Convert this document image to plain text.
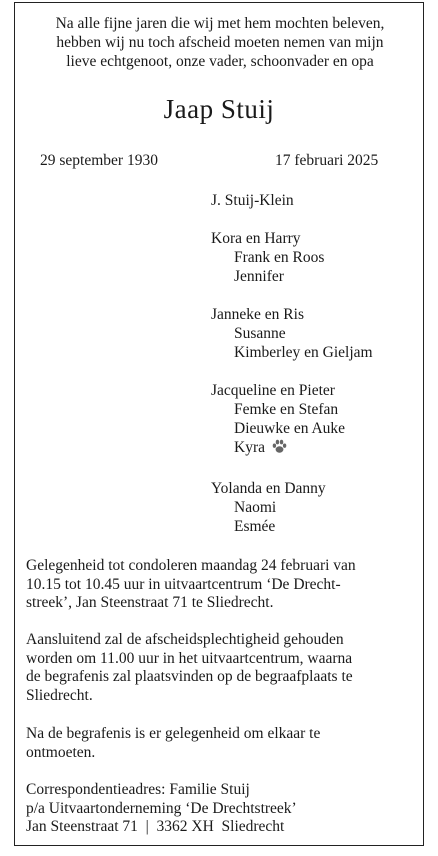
Na alle fijne jaren die wij met hem mochten beleven,
hebben wij nu toch afscheid moeten nemen van mijn
lieve echtgenoot, onze vader, schoonvader en opa
Jaap Stuij
29 september 1930	17 februari 2025
J. Stuij-Klein
Kora en Harry
Frank en Roos
Jennifer
Janneke en Ris
Susanne
Kimberley en Gieljam
Jacqueline en Pieter
Femke en Stefan
Dieuwke en Auke
Kyra
Yolanda en Danny
Naomi
Esmée
Gelegenheid tot condoleren maandag 24 februari van
10.15 tot 10.45 uur in uitvaartcentrum ‘De Drecht-
streek’, Jan Steenstraat 71 te Sliedrecht.
Aansluitend zal de afscheidsplechtigheid gehouden
worden om 11.00 uur in het uitvaartcentrum, waarna
de begrafenis zal plaatsvinden op de begraafplaats te
Sliedrecht.
Na de begrafenis is er gelegenheid om elkaar te
ontmoeten.
Correspondentieadres: Familie Stuij
p/a Uitvaartonderneming ‘De Drechtstreek’
Jan Steenstraat 71  |  3362 XH  Sliedrecht
